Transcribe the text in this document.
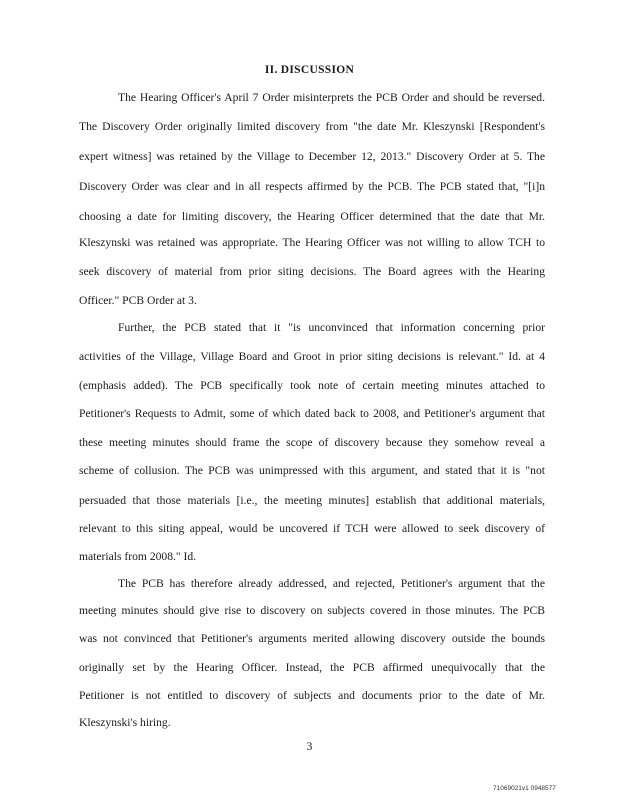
II. DISCUSSION
The Hearing Officer's April 7 Order misinterprets the PCB Order and should be reversed.
The Discovery Order originally limited discovery from "the date Mr. Kleszynski [Respondent's
expert witness] was retained by the Village to December 12, 2013." Discovery Order at 5. The
Discovery Order was clear and in all respects affirmed by the PCB. The PCB stated that, "[i]n
choosing a date for limiting discovery, the Hearing Officer determined that the date that Mr.
Kleszynski was retained was appropriate. The Hearing Officer was not willing to allow TCH to
seek discovery of material from prior siting decisions. The Board agrees with the Hearing
Officer." PCB Order at 3.
Further, the PCB stated that it "is unconvinced that information concerning prior
activities of the Village, Village Board and Groot in prior siting decisions is relevant." Id. at 4
(emphasis added). The PCB specifically took note of certain meeting minutes attached to
Petitioner's Requests to Admit, some of which dated back to 2008, and Petitioner's argument that
these meeting minutes should frame the scope of discovery because they somehow reveal a
scheme of collusion. The PCB was unimpressed with this argument, and stated that it is "not
persuaded that those materials [i.e., the meeting minutes] establish that additional materials,
relevant to this siting appeal, would be uncovered if TCH were allowed to seek discovery of
materials from 2008." Id.
The PCB has therefore already addressed, and rejected, Petitioner's argument that the
meeting minutes should give rise to discovery on subjects covered in those minutes. The PCB
was not convinced that Petitioner's arguments merited allowing discovery outside the bounds
originally set by the Hearing Officer. Instead, the PCB affirmed unequivocally that the
Petitioner is not entitled to discovery of subjects and documents prior to the date of Mr.
Kleszynski's hiring.
3
71069021v1 0948577
